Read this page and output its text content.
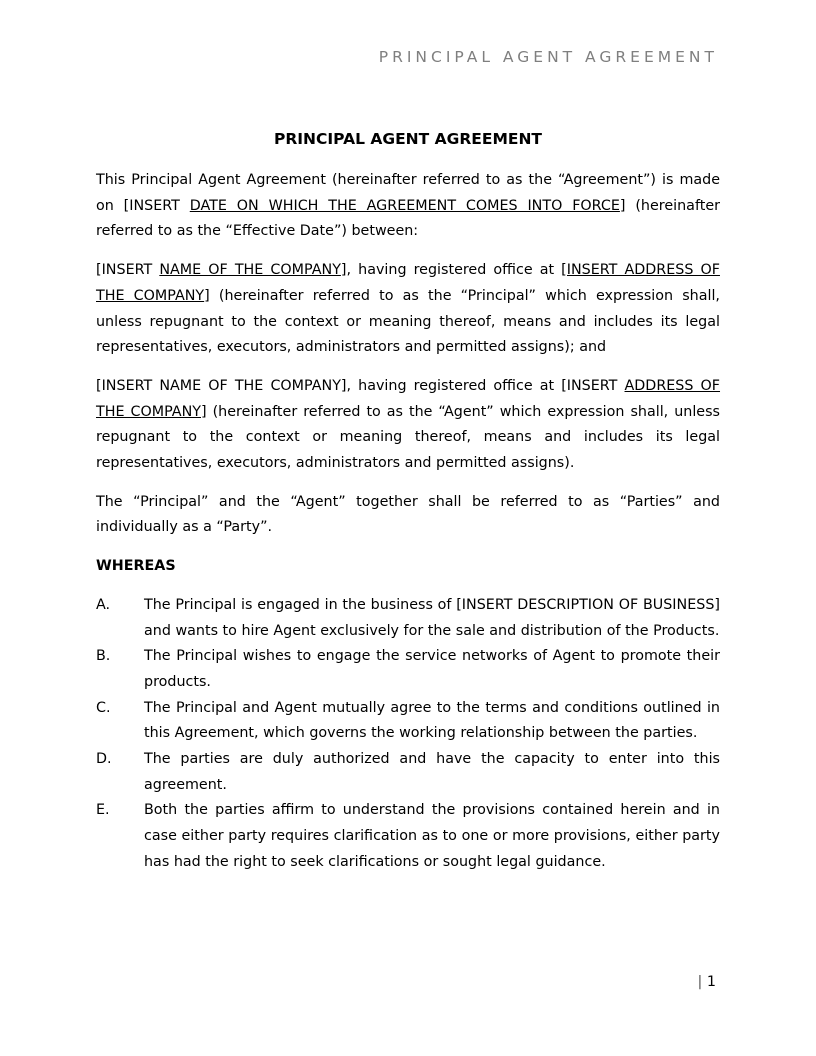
PRINCIPAL AGENT AGREEMENT
PRINCIPAL AGENT AGREEMENT

This Principal Agent Agreement (hereinafter referred to as the “Agreement”) is made on [INSERT DATE ON WHICH THE AGREEMENT COMES INTO FORCE] (hereinafter referred to as the “Effective Date”) between:

[INSERT NAME OF THE COMPANY], having registered office at [INSERT ADDRESS OF THE COMPANY] (hereinafter referred to as the “Principal” which expression shall, unless repugnant to the context or meaning thereof, means and includes its legal representatives, executors, administrators and permitted assigns); and

[INSERT NAME OF THE COMPANY], having registered office at [INSERT ADDRESS OF THE COMPANY] (hereinafter referred to as the “Agent” which expression shall, unless repugnant to the context or meaning thereof, means and includes its legal representatives, executors, administrators and permitted assigns).

The “Principal” and the “Agent” together shall be referred to as “Parties” and individually as a “Party”.

WHEREAS
A.	The Principal is engaged in the business of [INSERT DESCRIPTION OF BUSINESS] and wants to hire Agent exclusively for the sale and distribution of the Products.
B.	The Principal wishes to engage the service networks of Agent to promote their products.
C.	The Principal and Agent mutually agree to the terms and conditions outlined in this Agreement, which governs the working relationship between the parties.
D.	The parties are duly authorized and have the capacity to enter into this agreement.
E.	Both the parties affirm to understand the provisions contained herein and in case either party requires clarification as to one or more provisions, either party has had the right to seek clarifications or sought legal guidance.
| 1
